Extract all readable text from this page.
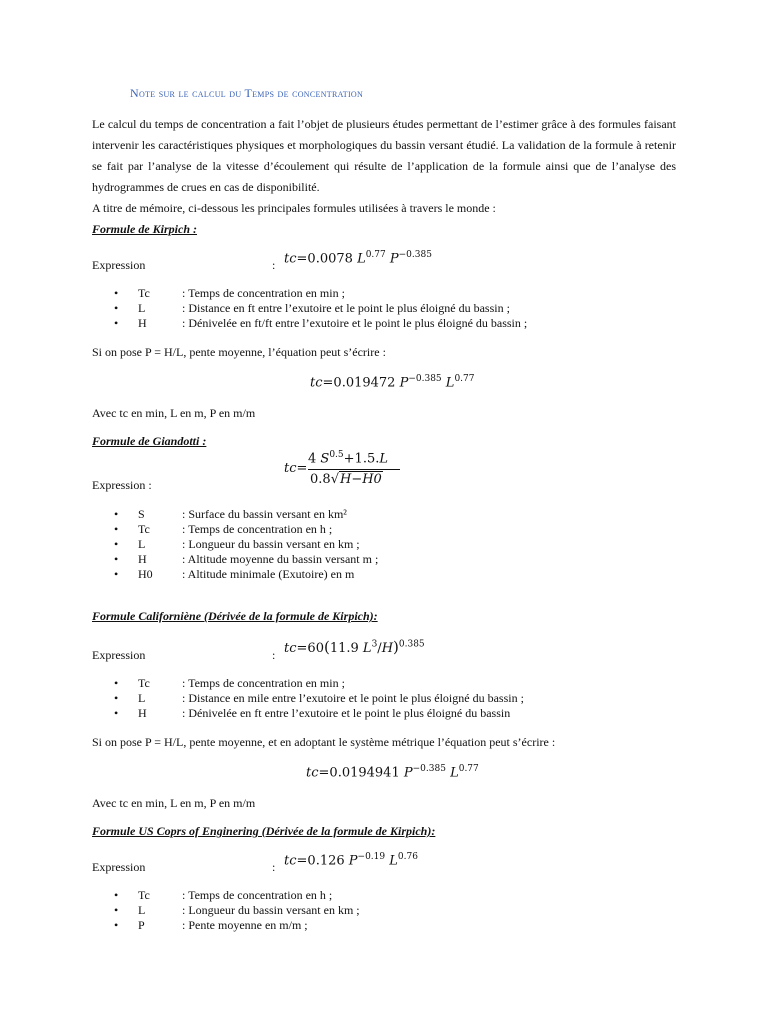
Note sur le calcul du Temps de concentration
Le calcul du temps de concentration a fait l’objet de plusieurs études permettant de l’estimer grâce à des formules faisant intervenir les caractéristiques physiques et morphologiques du bassin versant étudié. La validation de la formule à retenir se fait par l’analyse de la vitesse d’écoulement qui résulte de l’application de la formule ainsi que de l’analyse des hydrogrammes de crues en cas de disponibilité.
A titre de mémoire, ci-dessous les principales formules utilisées à travers le monde :
Formule de Kirpich :
Expression	: tc=0.0078 $L^{0.77}$ $P^{-0.385}$
• Tc	: Temps de concentration en min ;
• L	: Distance en ft entre l’exutoire et le point le plus éloigné du bassin ;
• H	: Dénivelée en ft/ft entre l’exutoire et le point le plus éloigné du bassin ;
Si on pose P = H/L, pente moyenne, l’équation peut s’écrire :
tc=0.019472 $P^{-0.385}$ $L^{0.77}$
Avec tc en min, L en m, P en m/m
Formule de Giandotti :
tc=
4 $S^{0.5}+1.5.L$
0.8√H−H0
Expression :
• S	: Surface du bassin versant en km²
• Tc	: Temps de concentration en h ;
• L	: Longueur du bassin versant en km ;
• H	: Altitude moyenne du bassin versant m ;
• H0 : Altitude minimale (Exutoire) en m
Formule Californiène (Dérivée de la formule de Kirpich):
Expression	: tc=60(11.9 $L^3/H)^{0.385}$
• Tc	: Temps de concentration en min ;
• L	: Distance en mile entre l’exutoire et le point le plus éloigné du bassin ;
• H	: Dénivelée en ft entre l’exutoire et le point le plus éloigné du bassin
Si on pose P = H/L, pente moyenne, et en adoptant le système métrique l’équation peut s’écrire :
tc=0.0194941 $P^{-0.385}$ $L^{0.77}$
Avec tc en min, L en m, P en m/m
Formule US Coprs of Enginering (Dérivée de la formule de Kirpich):
Expression	: tc=0.126 $P^{-0.19}$ $L^{0.76}$
• Tc	: Temps de concentration en h ;
• L	: Longueur du bassin versant en km ;
• P	: Pente moyenne en m/m ;
